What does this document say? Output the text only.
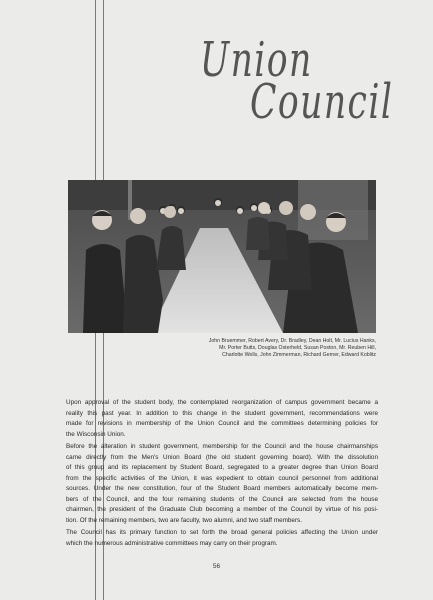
Union
Council
John Bruemmer, Robert Avery, Dr. Bradley, Dean Holt, Mr. Lucius Hanks,
Mr. Porter Butts, Douglas Osterheld, Susan Poston, Mr. Reuben Hill,
Charlotte Wells, John Zimmerman, Richard Gerner, Edward Koblitz
Upon approval of the student body, the contemplated reorganization of campus government became a
reality this past year. In addition to this change in the student government, recommendations were
made for revisions in membership of the Union Council and the committees determining policies for
the Wisconsin Union.
Before the alteration in student government, membership for the Council and the house chairmanships
came directly from the Men's Union Board (the old student governing board). With the dissolution
of this group and its replacement by Student Board, segregated to a greater degree than Union Board
from the specific activities of the Union, it was expedient to obtain council personnel from additional
sources. Under the new constitution, four of the Student Board members automatically become mem-
bers of the Council, and the four remaining students of the Council are selected from the house
chairmen, the president of the Graduate Club becoming a member of the Council by virtue of his posi-
tion. Of the remaining members, two are faculty, two alumni, and two staff members.
The Council has its primary function to set forth the broad general policies affecting the Union under
which the numerous administrative committees may carry on their program.
56
